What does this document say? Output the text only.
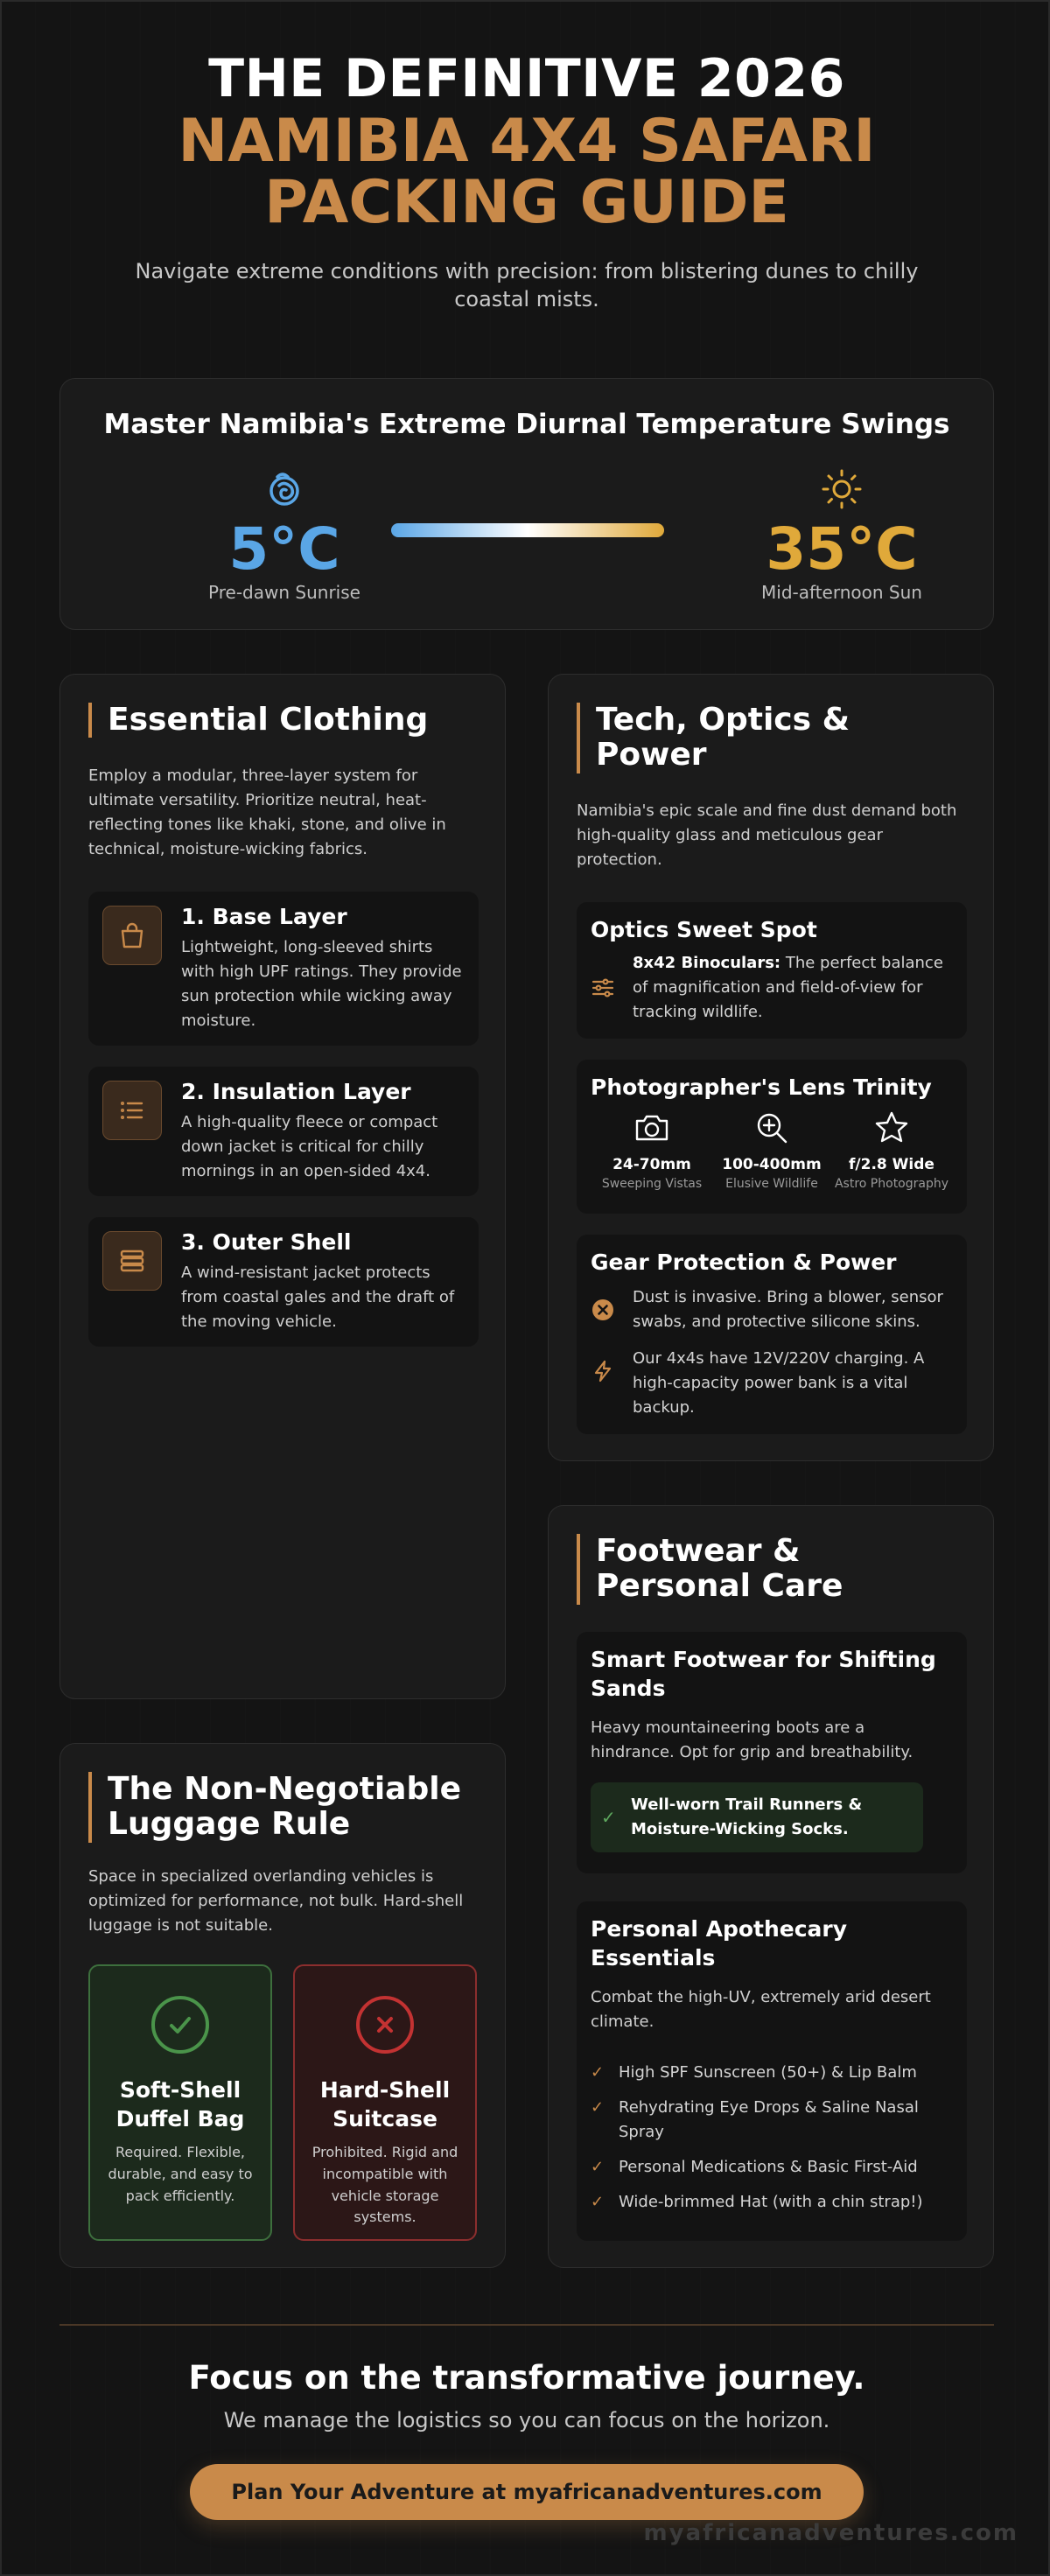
THE DEFINITIVE 2026
NAMIBIA 4X4 SAFARI
PACKING GUIDE
Navigate extreme conditions with precision: from blistering dunes to chilly coastal mists.
Master Namibia's Extreme Diurnal Temperature Swings
5°C
Pre-dawn Sunrise
35°C
Mid-afternoon Sun
Essential Clothing
Employ a modular, three-layer system for ultimate versatility. Prioritize neutral, heat-reflecting tones like khaki, stone, and olive in technical, moisture-wicking fabrics.
1. Base Layer
Lightweight, long-sleeved shirts with high UPF ratings. They provide sun protection while wicking away moisture.
2. Insulation Layer
A high-quality fleece or compact down jacket is critical for chilly mornings in an open-sided 4x4.
3. Outer Shell
A wind-resistant jacket protects from coastal gales and the draft of the moving vehicle.
The Non-Negotiable Luggage Rule
Space in specialized overlanding vehicles is optimized for performance, not bulk. Hard-shell luggage is not suitable.
Soft-Shell Duffel Bag
Required. Flexible, durable, and easy to pack efficiently.
Hard-Shell Suitcase
Prohibited. Rigid and incompatible with vehicle storage systems.
Tech, Optics & Power
Namibia's epic scale and fine dust demand both high-quality glass and meticulous gear protection.
Optics Sweet Spot
8x42 Binoculars: The perfect balance of magnification and field-of-view for tracking wildlife.
Photographer's Lens Trinity
24-70mm
Sweeping Vistas
100-400mm
Elusive Wildlife
f/2.8 Wide
Astro Photography
Gear Protection & Power
Dust is invasive. Bring a blower, sensor swabs, and protective silicone skins.
Our 4x4s have 12V/220V charging. A high-capacity power bank is a vital backup.
Footwear & Personal Care
Smart Footwear for Shifting Sands
Heavy mountaineering boots are a hindrance. Opt for grip and breathability.
✓
Well-worn Trail Runners & Moisture-Wicking Socks.
Personal Apothecary Essentials
Combat the high-UV, extremely arid desert climate.
✓ High SPF Sunscreen (50+) & Lip Balm
✓ Rehydrating Eye Drops & Saline Nasal Spray
✓ Personal Medications & Basic First-Aid
✓ Wide-brimmed Hat (with a chin strap!)
Focus on the transformative journey.
We manage the logistics so you can focus on the horizon.
Plan Your Adventure at myafricanadventures.com
myafricanadventures.com
